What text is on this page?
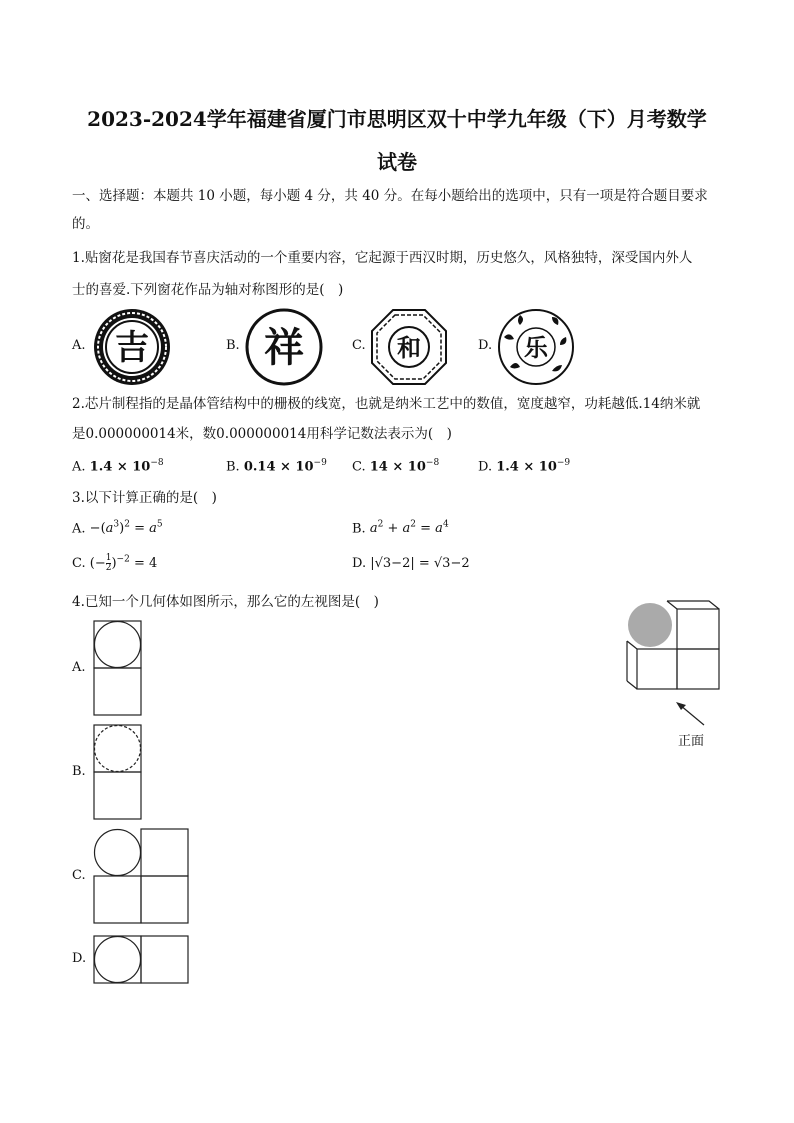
2023-2024学年福建省厦门市思明区双十中学九年级（下）月考数学
试卷
一、选择题：本题共 10 小题，每小题 4 分，共 40 分。在每小题给出的选项中，只有一项是符合题目要求
的。
1.贴窗花是我国春节喜庆活动的一个重要内容，它起源于西汉时期，历史悠久，风格独特，深受国内外人
士的喜爱.下列窗花作品为轴对称图形的是(　)
A.	B.	C.	D.
吉	祥	和	乐
2.芯片制程指的是晶体管结构中的栅极的线宽，也就是纳米工艺中的数值，宽度越窄，功耗越低.14纳米就
是0.000000014米，数0.000000014用科学记数法表示为(　)
A. $1.4 \times 10^{-8}$	B. $0.14 \times 10^{-9}$ C. $14 \times 10^{-8}$	D. $1.4 \times 10^{-9}$
3.以下计算正确的是(　)
A. $-(a^3)^2 = a^5$	B. $a^2 + a^2 = a^4$
C. (− $\frac{1}{2} )^{-2} = 4$	D. |√3−2| = √3−2
4.已知一个几何体如图所示，那么它的左视图是(　)
正面
A.
B.
C.
D.
